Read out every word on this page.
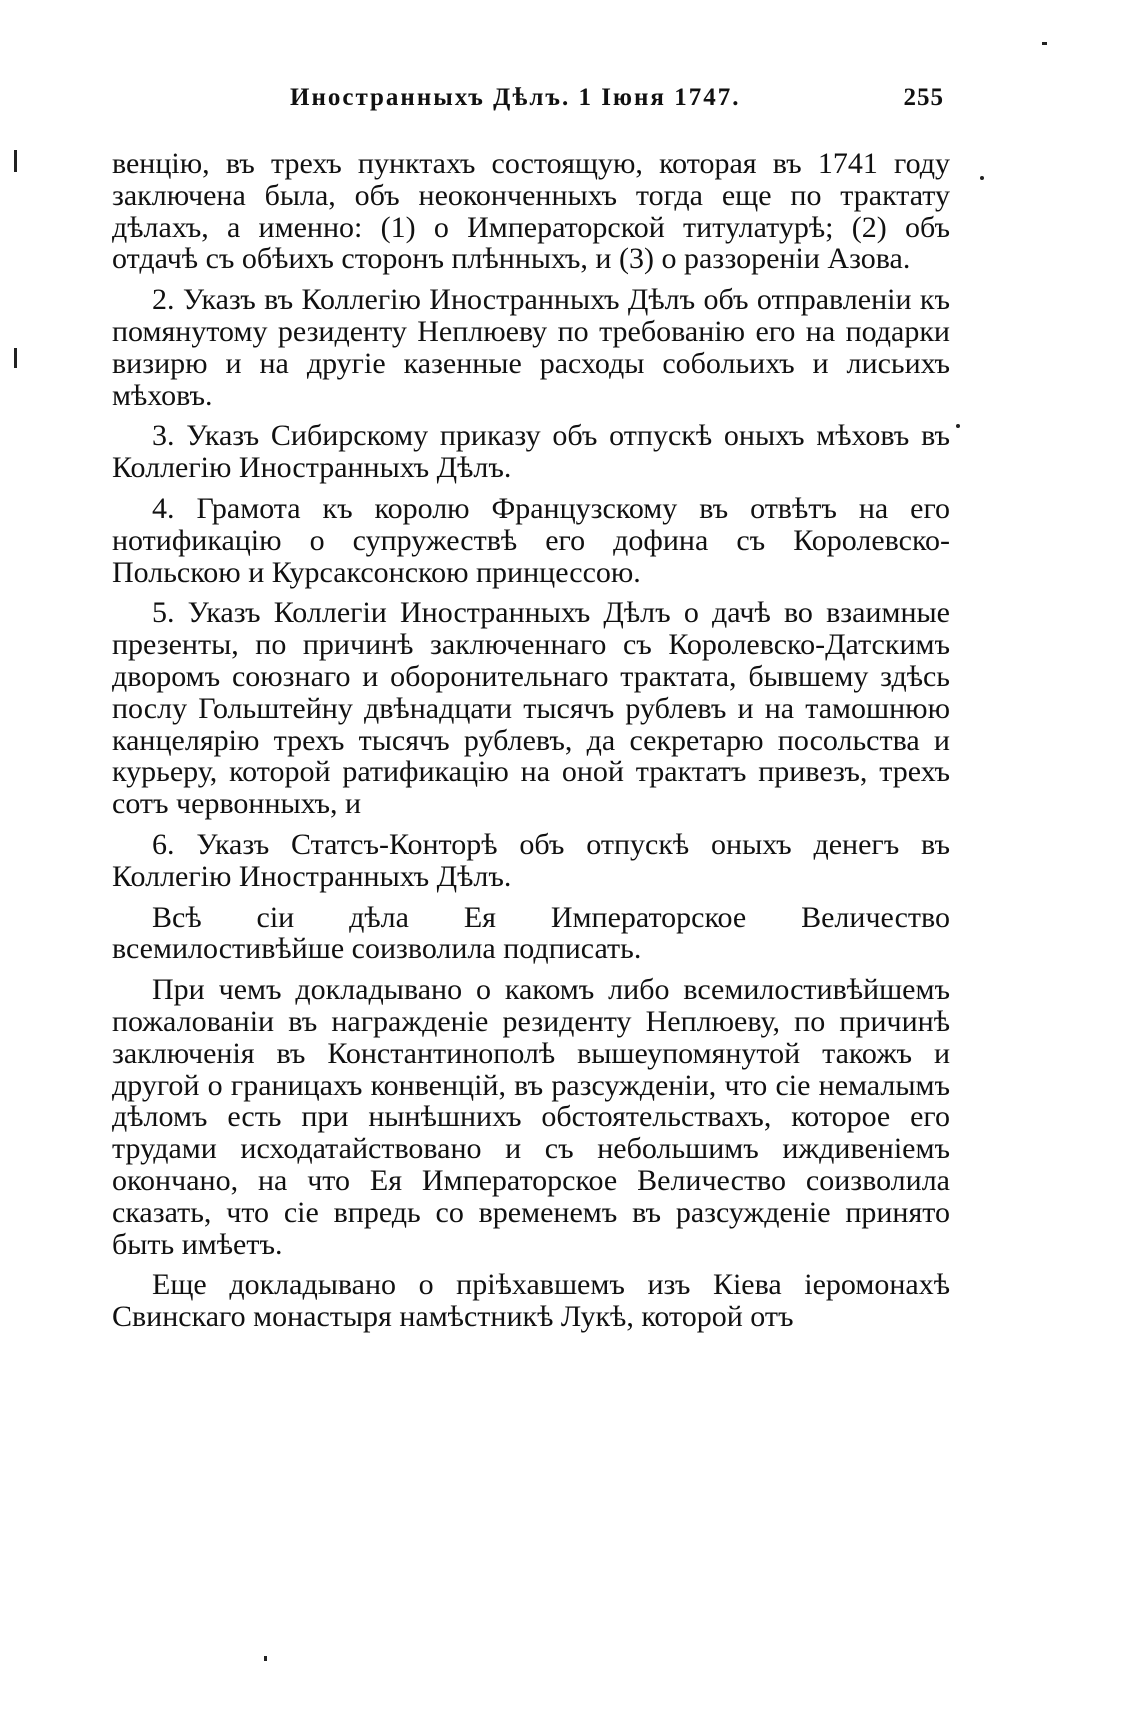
Иностранныхъ Дѣлъ. 1 Іюня 1747.	255

венцію, въ трехъ пунктахъ состоящую, которая въ 1741 году заключена была, объ неоконченныхъ тогда еще по трактату дѣлахъ, а именно: (1) о Императорской титулатурѣ; (2) объ отдачѣ съ обѣихъ сторонъ плѣнныхъ, и (3) о раззореніи Азова.

2. Указъ въ Коллегію Иностранныхъ Дѣлъ объ отправленіи къ помянутому резиденту Неплюеву по требованію его на подарки визирю и на другіе казенные расходы собольихъ и лисьихъ мѣховъ.

3. Указъ Сибирскому приказу объ отпускѣ оныхъ мѣховъ въ Коллегію Иностранныхъ Дѣлъ.

4. Грамота къ королю Французскому въ отвѣтъ на его нотификацію о супружествѣ его дофина съ Королевско-Польскою и Курсаксонскою принцессою.

5. Указъ Коллегіи Иностранныхъ Дѣлъ о дачѣ во взаимные презенты, по причинѣ заключеннаго съ Королевско-Датскимъ дворомъ союзнаго и оборонительнаго трактата, бывшему здѣсь послу Гольштейну двѣнадцати тысячъ рублевъ и на тамошнюю канцелярію трехъ тысячъ рублевъ, да секретарю посольства и курьеру, которой ратификацію на оной трактатъ привезъ, трехъ сотъ червонныхъ, и

6. Указъ Статсъ-Конторѣ объ отпускѣ оныхъ денегъ въ Коллегію Иностранныхъ Дѣлъ.

Всѣ сіи дѣла Ея Императорское Величество всемилостивѣйше соизволила подписать.

При чемъ докладывано о какомъ либо всемилостивѣйшемъ пожалованіи въ награжденіе резиденту Неплюеву, по причинѣ заключенія въ Константинополѣ вышеупомянутой такожъ и другой о границахъ конвенцій, въ разсужденіи, что сіе немалымъ дѣломъ есть при нынѣшнихъ обстоятельствахъ, которое его трудами исходатайствовано и съ небольшимъ иждивеніемъ окончано, на что Ея Императорское Величество соизволила сказать, что сіе впредь со временемъ въ разсужденіе принято быть имѣетъ.

Еще докладывано о пріѣхавшемъ изъ Кіева іеромонахѣ Свинскаго монастыря намѣстникѣ Лукѣ, которой отъ
